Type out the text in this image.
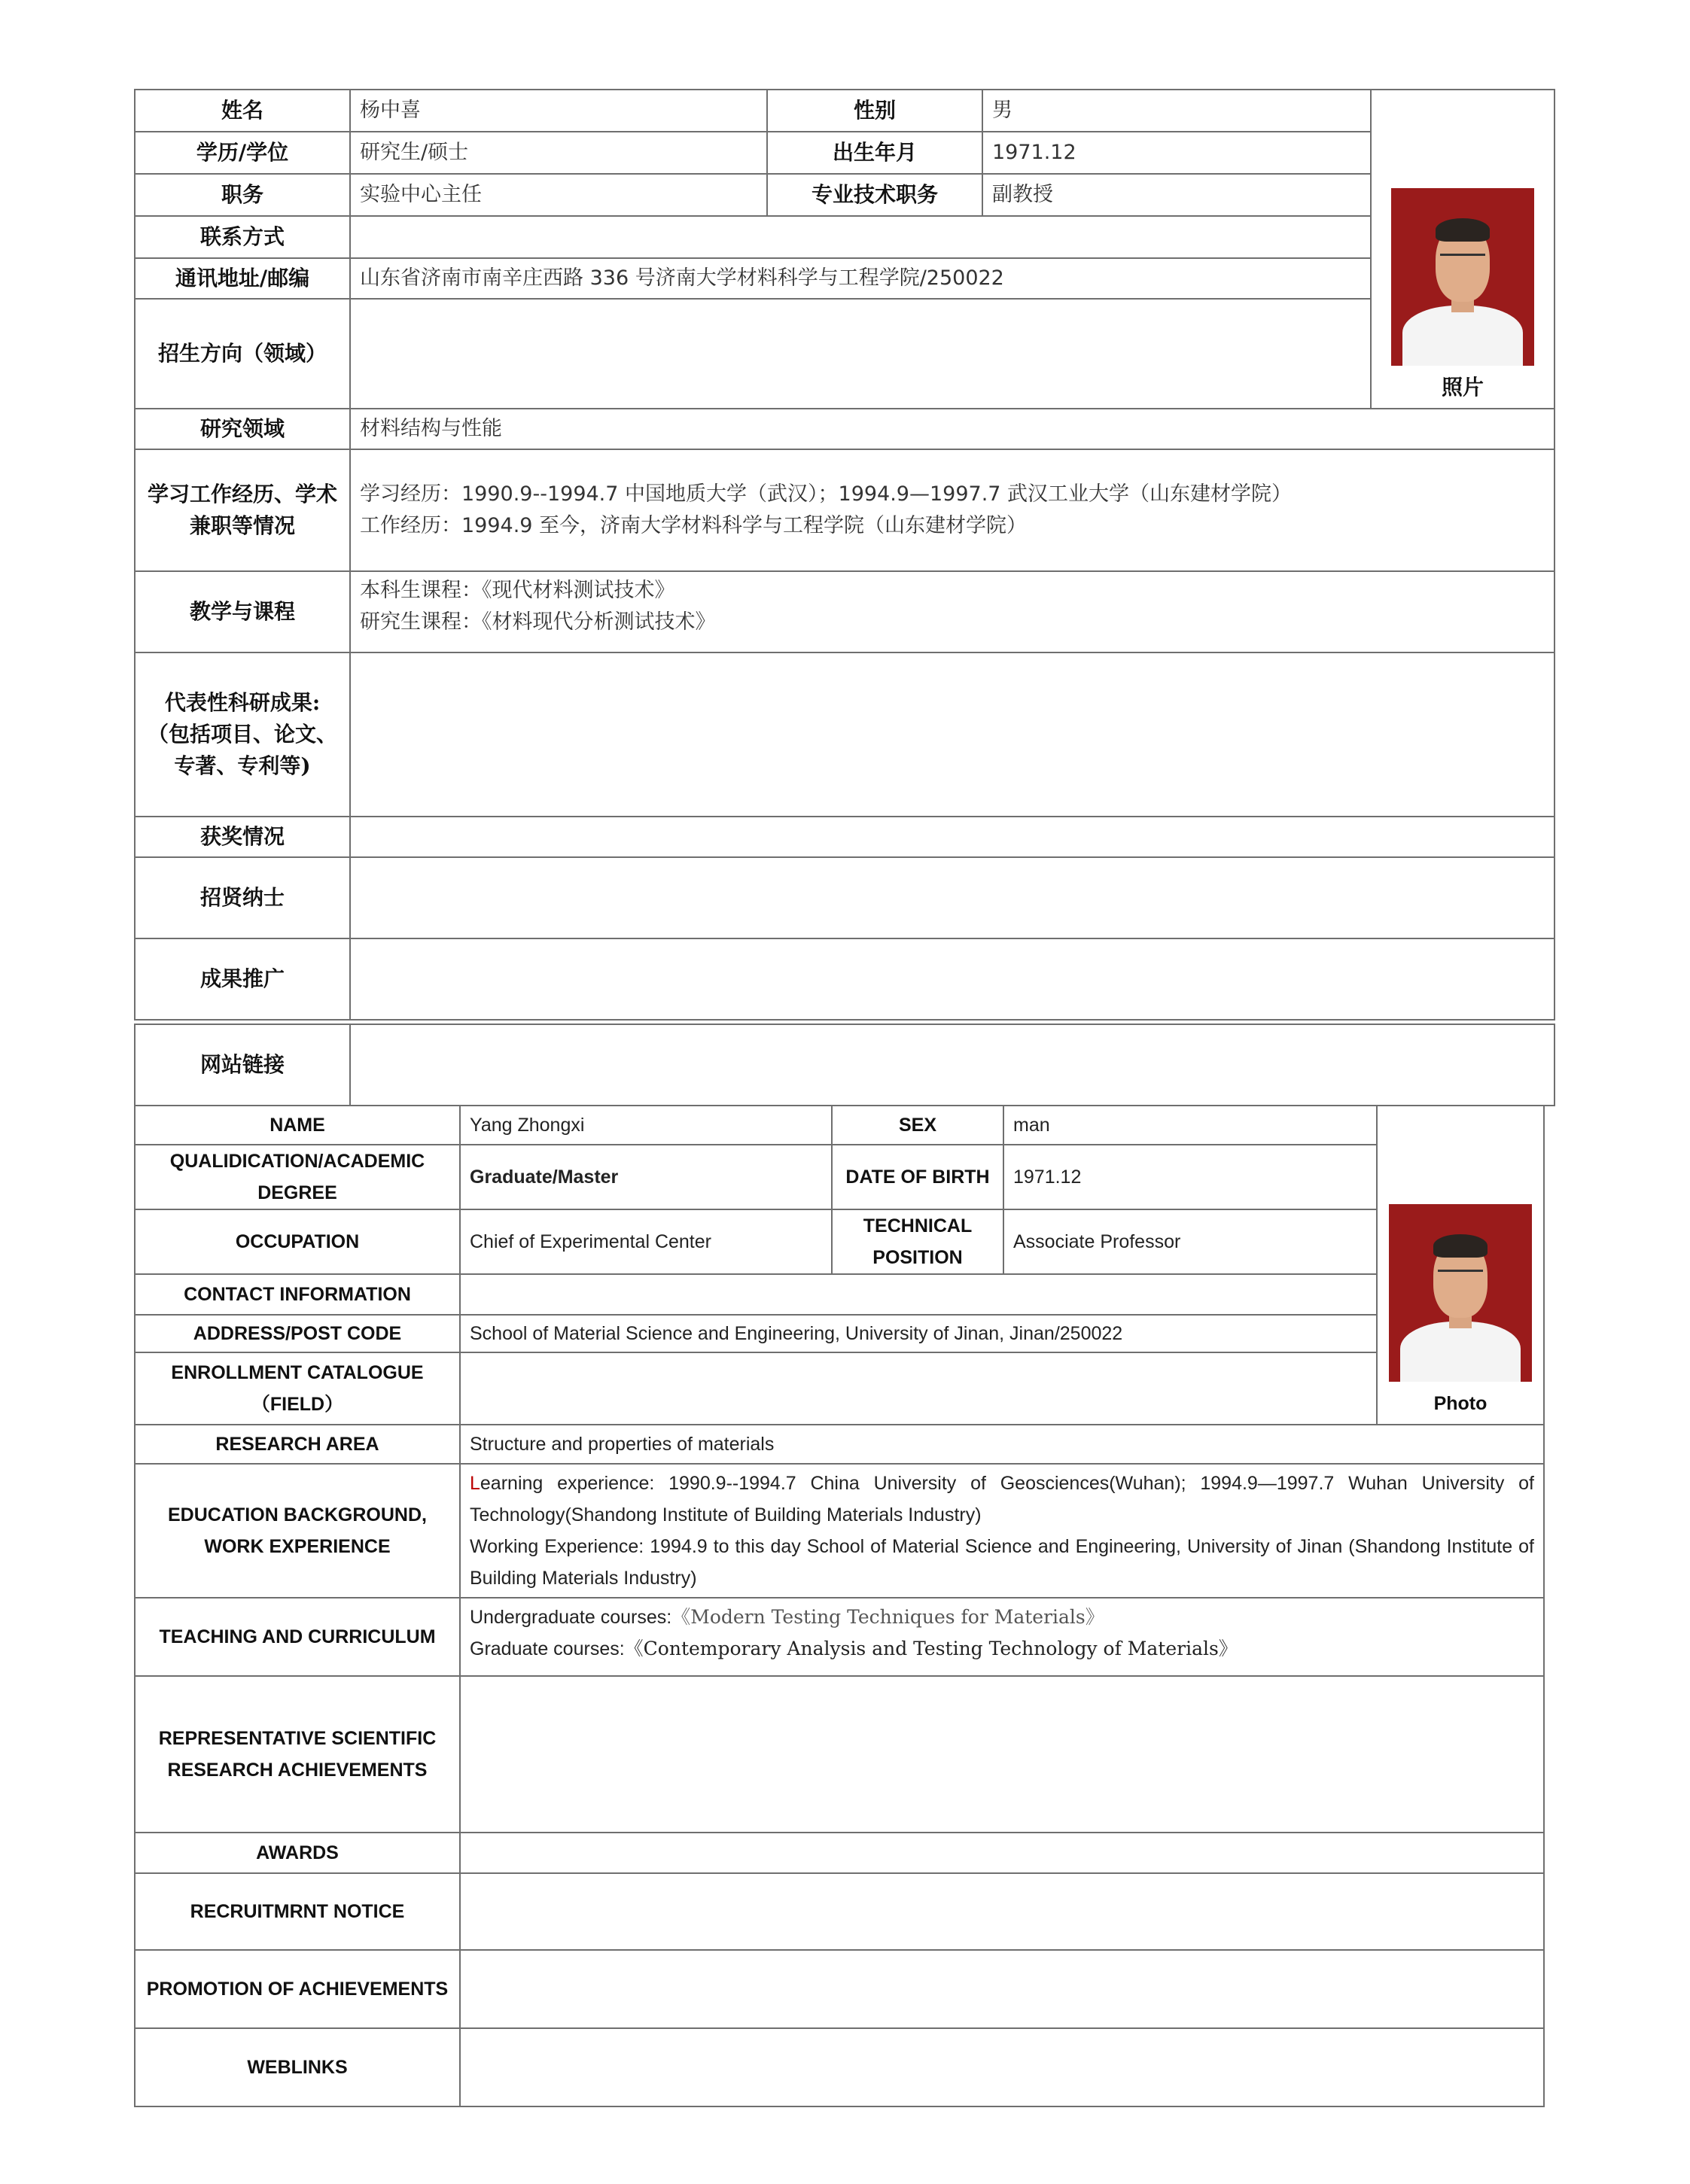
姓名	杨中喜	性别	男	照片

学历/学位	研究生/硕士	出生年月	1971.12	
职务	实验中心主任	专业技术职务	副教授	
联系方式				
通讯地址/邮编	山东省济南市南辛庄西路 336 号济南大学材料科学与工程学院/250022			
招生方向（领域）				

研究领域	材料结构与性能			
学习工作经历、学术兼职等情况	学习经历：1990.9--1994.7 中国地质大学（武汉）；1994.9—1997.7 武汉工业大学（山东建材学院）
工作经历：1994.9 至今，济南大学材料科学与工程学院（山东建材学院）			

教学与课程	本科生课程：《现代材料测试技术》
研究生课程：《材料现代分析测试技术》			

代表性科研成果:（包括项目、论文、专著、专利等)				
获奖情况				
招贤纳士				
成果推广				
网站链接	
NAME	Yang Zhongxi	SEX	man	Photo

QUALIDICATION/ACADEMIC DEGREE	Graduate/Master	DATE OF BIRTH	1971.12	
OCCUPATION	Chief of Experimental Center	TECHNICAL POSITION	Associate Professor	
CONTACT INFORMATION				
ADDRESS/POST CODE	School of Material Science and Engineering, University of Jinan, Jinan/250022			
ENROLLMENT CATALOGUE（FIELD）				
RESEARCH AREA	Structure and properties of materials			
EDUCATION BACKGROUND, WORK EXPERIENCE	Learning experience: 1990.9--1994.7 China University of Geosciences(Wuhan); 1994.9—1997.7 Wuhan University of Technology(Shandong Institute of Building Materials Industry)
Working Experience: 1994.9 to this day School of Material Science and Engineering, University of Jinan (Shandong Institute of Building Materials Industry)			

TEACHING AND CURRICULUM	Undergraduate courses:《Modern Testing Techniques for Materials》
Graduate courses:《Contemporary Analysis and Testing Technology of Materials》			

REPRESENTATIVE SCIENTIFIC RESEARCH ACHIEVEMENTS				
AWARDS				
RECRUITMRNT NOTICE				
PROMOTION OF ACHIEVEMENTS	
WEBLINKS	
